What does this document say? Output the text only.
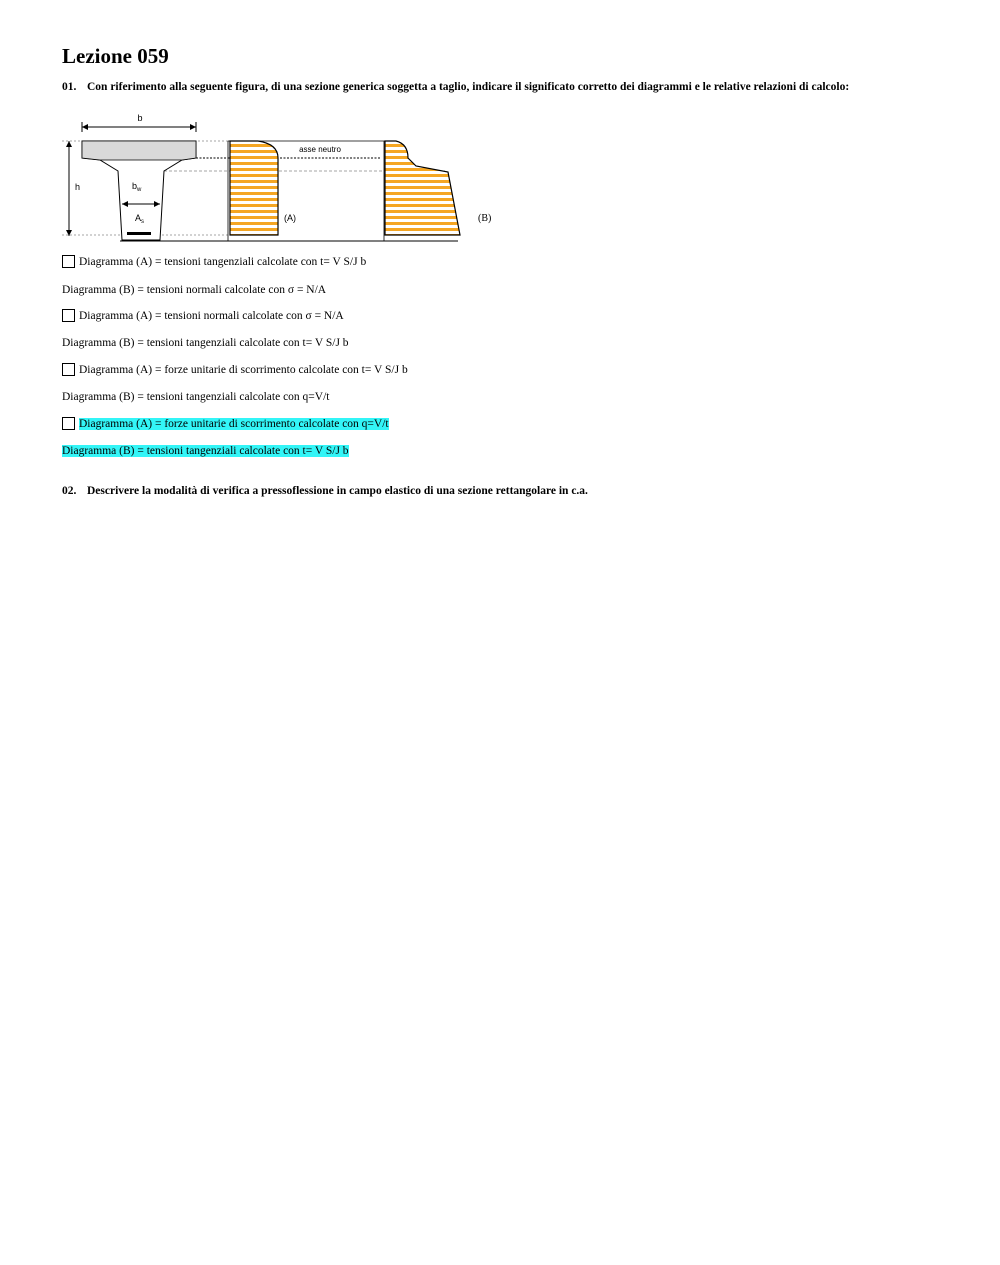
Lezione 059
01. Con riferimento alla seguente figura, di una sezione generica soggetta a taglio, indicare il significato corretto dei diagrammi e le relative relazioni di calcolo:
b
h	$b_w$
$A_s$	(A)
asse neutro
(B)
Diagramma (A) = tensioni tangenziali calcolate con t= V S/J b
Diagramma (B) = tensioni normali calcolate con σ = N/A
Diagramma (A) = tensioni normali calcolate con σ = N/A
Diagramma (B) = tensioni tangenziali calcolate con t= V S/J b
Diagramma (A) = forze unitarie di scorrimento calcolate con t= V S/J b
Diagramma (B) = tensioni tangenziali calcolate con q=V/t
Diagramma (A) = forze unitarie di scorrimento calcolate con q=V/t
Diagramma (B) = tensioni tangenziali calcolate con t= V S/J b
02. Descrivere la modalità di verifica a pressoflessione in campo elastico di una sezione rettangolare in c.a.
